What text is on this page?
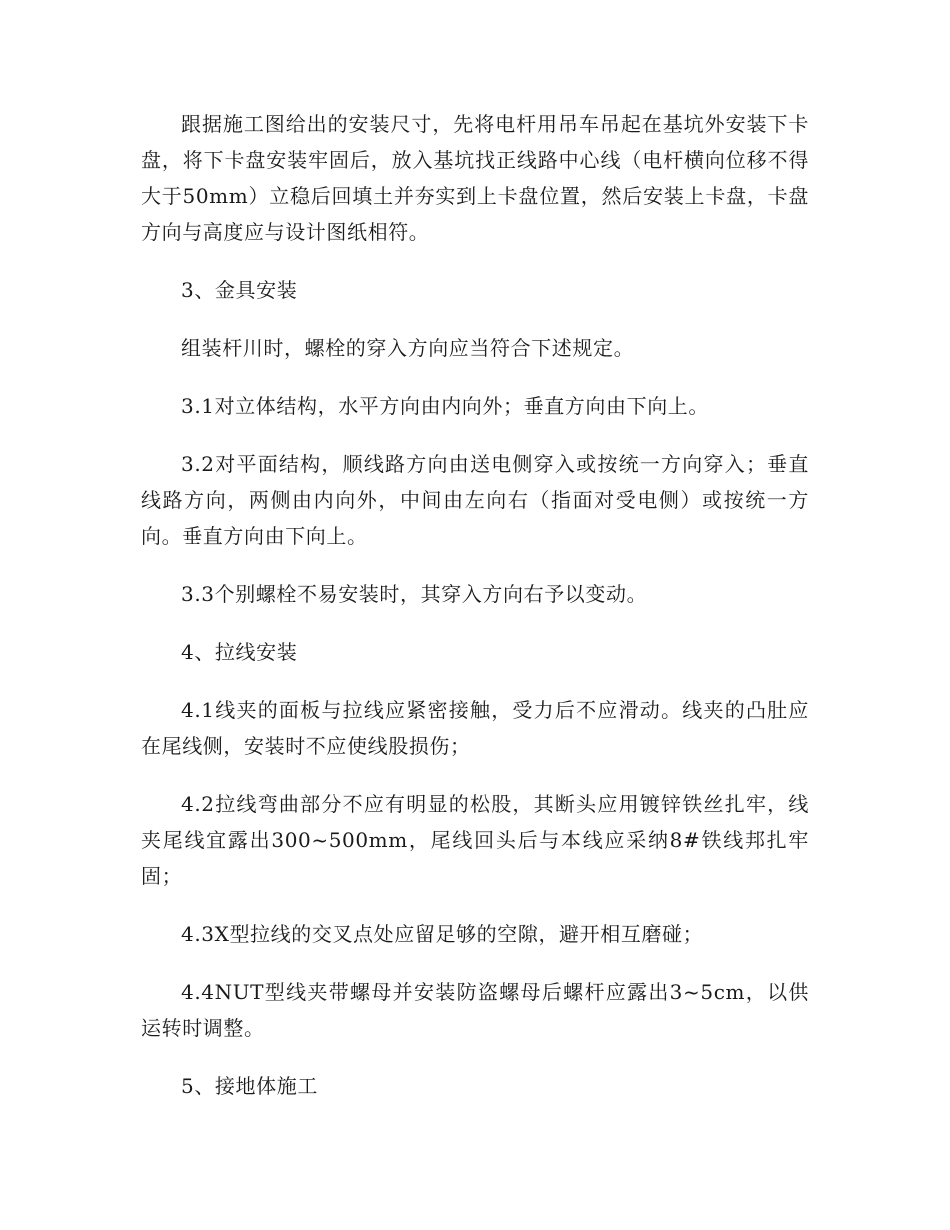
跟据施工图给出的安装尺寸，先将电杆用吊车吊起在基坑外安装下卡盘，将下卡盘安装牢固后，放入基坑找正线路中心线（电杆横向位移不得大于50mm）立稳后回填土并夯实到上卡盘位置，然后安装上卡盘，卡盘方向与高度应与设计图纸相符。

3、金具安装

组装杆川时，螺栓的穿入方向应当符合下述规定。

3.1对立体结构，水平方向由内向外；垂直方向由下向上。

3.2对平面结构，顺线路方向由送电侧穿入或按统一方向穿入；垂直线路方向，两侧由内向外，中间由左向右（指面对受电侧）或按统一方向。垂直方向由下向上。

3.3个别螺栓不易安装时，其穿入方向右予以变动。

4、拉线安装

4.1线夹的面板与拉线应紧密接触，受力后不应滑动。线夹的凸肚应在尾线侧，安装时不应使线股损伤；

4.2拉线弯曲部分不应有明显的松股，其断头应用镀锌铁丝扎牢，线夹尾线宜露出300~500mm，尾线回头后与本线应采纳8#铁线邦扎牢固；

4.3X型拉线的交叉点处应留足够的空隙，避开相互磨碰；

4.4NUT型线夹带螺母并安装防盗螺母后螺杆应露出3~5cm，以供运转时调整。

5、接地体施工
